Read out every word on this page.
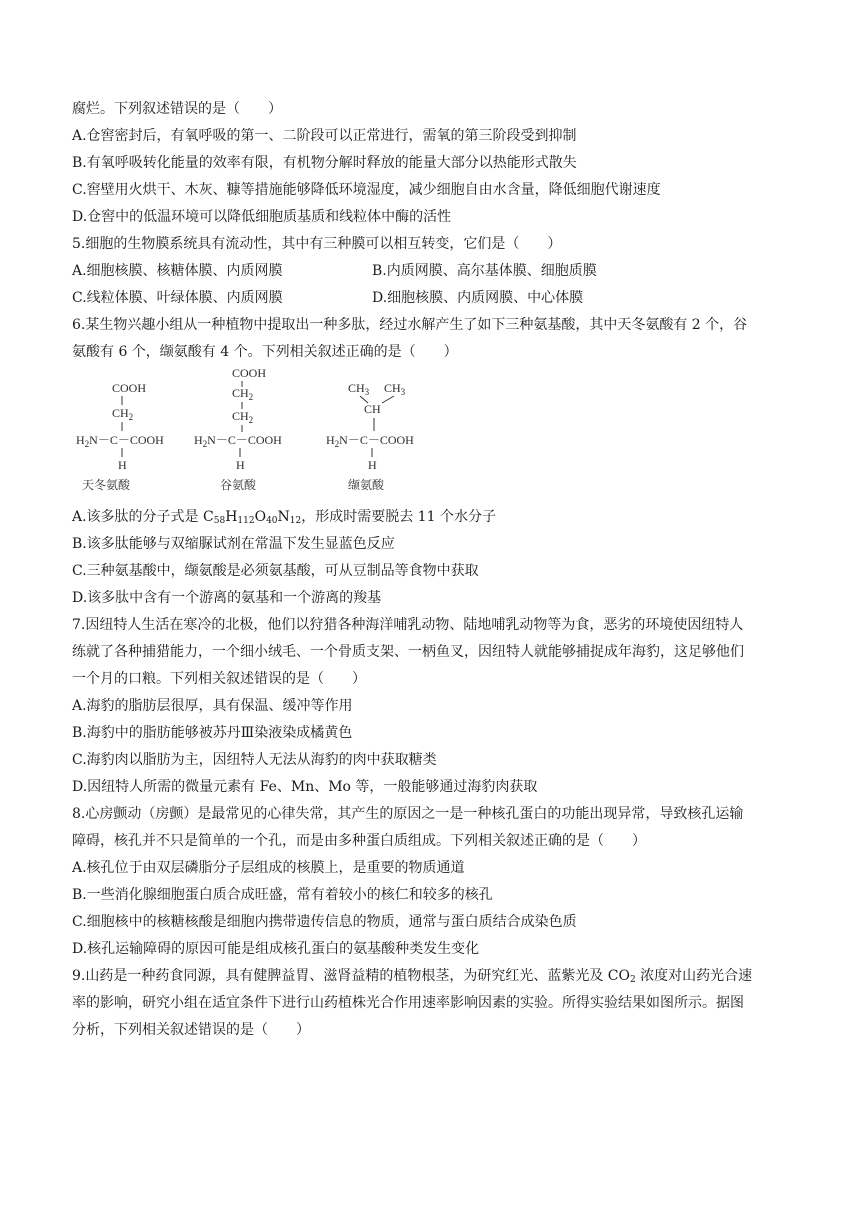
腐烂。下列叙述错误的是（　　）
A.仓窖密封后，有氧呼吸的第一、二阶段可以正常进行，需氧的第三阶段受到抑制
B.有氧呼吸转化能量的效率有限，有机物分解时释放的能量大部分以热能形式散失
C.窖壁用火烘干、木灰、糠等措施能够降低环境湿度，减少细胞自由水含量，降低细胞代谢速度
D.仓窖中的低温环境可以降低细胞质基质和线粒体中酶的活性
5.细胞的生物膜系统具有流动性，其中有三种膜可以相互转变，它们是（　　）
A.细胞核膜、核糖体膜、内质网膜	B.内质网膜、高尔基体膜、细胞质膜
C.线粒体膜、叶绿体膜、内质网膜	D.细胞核膜、内质网膜、中心体膜
6.某生物兴趣小组从一种植物中提取出一种多肽，经过水解产生了如下三种氨基酸，其中天冬氨酸有 2 个，谷
氨酸有 6 个，缬氨酸有 4 个。下列相关叙述正确的是（　　）
COOH
$CH_2$
$H_2N-C-COOH$
H
天冬氨酸
COOH
$CH_2$
$CH_2$
$H_2N-C-COOH$
H
谷氨酸
$CH_3$ $CH_3$
CH
$H_2N-C-COOH$
H
缬氨酸
A.该多肽的分子式是 $C_{58}H_{112}O_{40}N_{12}$，形成时需要脱去 11 个水分子
B.该多肽能够与双缩脲试剂在常温下发生显蓝色反应
C.三种氨基酸中，缬氨酸是必须氨基酸，可从豆制品等食物中获取
D.该多肽中含有一个游离的氨基和一个游离的羧基
7.因纽特人生活在寒冷的北极，他们以狩猎各种海洋哺乳动物、陆地哺乳动物等为食，恶劣的环境使因纽特人
练就了各种捕猎能力，一个细小绒毛、一个骨质支架、一柄鱼叉，因纽特人就能够捕捉成年海豹，这足够他们
一个月的口粮。下列相关叙述错误的是（　　）
A.海豹的脂肪层很厚，具有保温、缓冲等作用
B.海豹中的脂肪能够被苏丹Ⅲ染液染成橘黄色
C.海豹肉以脂肪为主，因纽特人无法从海豹的肉中获取糖类
D.因纽特人所需的微量元素有 Fe、Mn、Mo 等，一般能够通过海豹肉获取
8.心房颤动（房颤）是最常见的心律失常，其产生的原因之一是一种核孔蛋白的功能出现异常，导致核孔运输
障碍，核孔并不只是简单的一个孔，而是由多种蛋白质组成。下列相关叙述正确的是（　　）
A.核孔位于由双层磷脂分子层组成的核膜上，是重要的物质通道
B.一些消化腺细胞蛋白质合成旺盛，常有着较小的核仁和较多的核孔
C.细胞核中的核糖核酸是细胞内携带遗传信息的物质，通常与蛋白质结合成染色质
D.核孔运输障碍的原因可能是组成核孔蛋白的氨基酸种类发生变化
9.山药是一种药食同源，具有健脾益胃、滋肾益精的植物根茎，为研究红光、蓝紫光及 $CO_2$ 浓度对山药光合速
率的影响，研究小组在适宜条件下进行山药植株光合作用速率影响因素的实验。所得实验结果如图所示。据图
分析，下列相关叙述错误的是（　　）
